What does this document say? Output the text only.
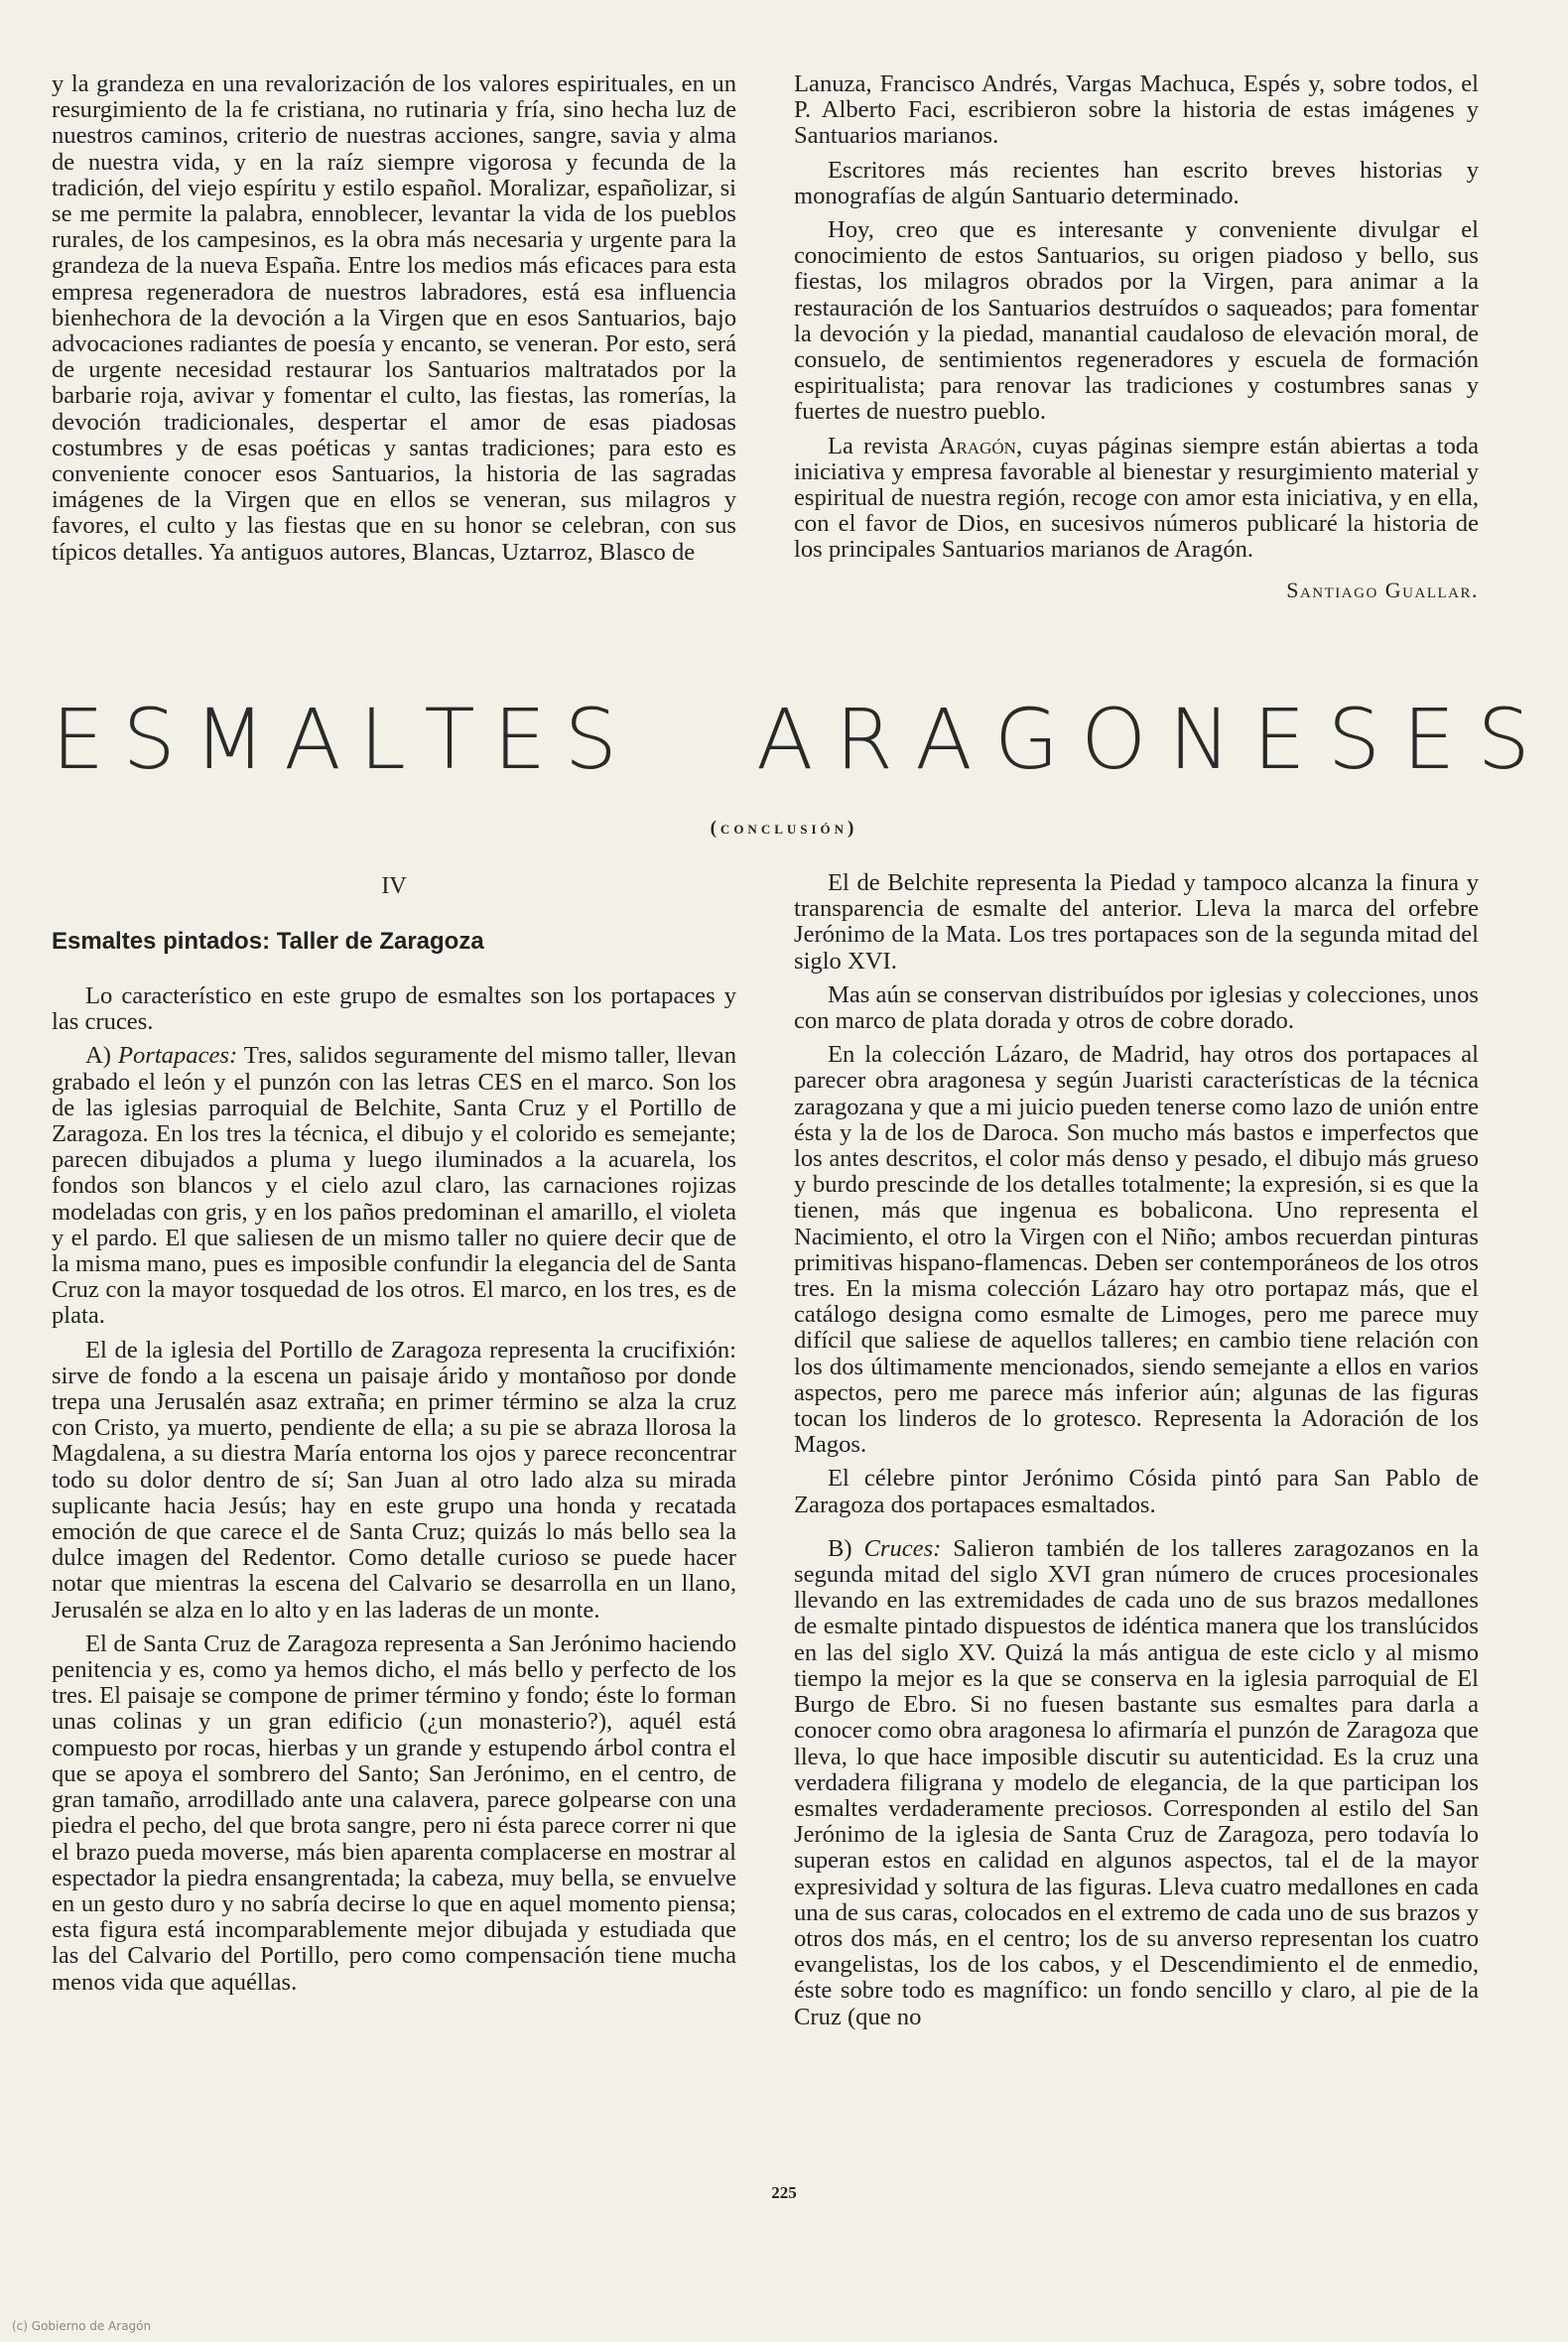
y la grandeza en una revalorización de los valores espirituales, en un resurgimiento de la fe cristiana, no rutinaria y fría, sino hecha luz de nuestros caminos, criterio de nuestras acciones, sangre, savia y alma de nuestra vida, y en la raíz siempre vigorosa y fecunda de la tradición, del viejo espíritu y estilo español. Moralizar, españolizar, si se me permite la palabra, ennoblecer, levantar la vida de los pueblos rurales, de los campesinos, es la obra más necesaria y urgente para la grandeza de la nueva España. Entre los medios más eficaces para esta empresa regeneradora de nuestros labradores, está esa influencia bienhechora de la devoción a la Virgen que en esos Santuarios, bajo advocaciones radiantes de poesía y encanto, se veneran. Por esto, será de urgente necesidad restaurar los Santuarios maltratados por la barbarie roja, avivar y fomentar el culto, las fiestas, las romerías, la devoción tradicionales, despertar el amor de esas piadosas costumbres y de esas poéticas y santas tradiciones; para esto es conveniente conocer esos Santuarios, la historia de las sagradas imágenes de la Virgen que en ellos se veneran, sus milagros y favores, el culto y las fiestas que en su honor se celebran, con sus típicos detalles. Ya antiguos autores, Blancas, Uztarroz, Blasco de

Lanuza, Francisco Andrés, Vargas Machuca, Espés y, sobre todos, el P. Alberto Faci, escribieron sobre la historia de estas imágenes y Santuarios marianos.

Escritores más recientes han escrito breves historias y monografías de algún Santuario determinado.

Hoy, creo que es interesante y conveniente divulgar el conocimiento de estos Santuarios, su origen piadoso y bello, sus fiestas, los milagros obrados por la Virgen, para animar a la restauración de los Santuarios destruídos o saqueados; para fomentar la devoción y la piedad, manantial caudaloso de elevación moral, de consuelo, de sentimientos regeneradores y escuela de formación espiritualista; para renovar las tradiciones y costumbres sanas y fuertes de nuestro pueblo.

La revista Aragón, cuyas páginas siempre están abiertas a toda iniciativa y empresa favorable al bienestar y resurgimiento material y espiritual de nuestra región, recoge con amor esta iniciativa, y en ella, con el favor de Dios, en sucesivos números publicaré la historia de los principales Santuarios marianos de Aragón.

Santiago Guallar.

E S M A L T E S A R A G O N E S E S
(conclusión)

IV

Esmaltes pintados: Taller de Zaragoza

Lo característico en este grupo de esmaltes son los portapaces y las cruces.

A) Portapaces: Tres, salidos seguramente del mismo taller, llevan grabado el león y el punzón con las letras CES en el marco. Son los de las iglesias parroquial de Belchite, Santa Cruz y el Portillo de Zaragoza. En los tres la técnica, el dibujo y el colorido es semejante; parecen dibujados a pluma y luego iluminados a la acuarela, los fondos son blancos y el cielo azul claro, las carnaciones rojizas modeladas con gris, y en los paños predominan el amarillo, el violeta y el pardo. El que saliesen de un mismo taller no quiere decir que de la misma mano, pues es imposible confundir la elegancia del de Santa Cruz con la mayor tosquedad de los otros. El marco, en los tres, es de plata.

El de la iglesia del Portillo de Zaragoza representa la crucifixión: sirve de fondo a la escena un paisaje árido y montañoso por donde trepa una Jerusalén asaz extraña; en primer término se alza la cruz con Cristo, ya muerto, pendiente de ella; a su pie se abraza llorosa la Magdalena, a su diestra María entorna los ojos y parece reconcentrar todo su dolor dentro de sí; San Juan al otro lado alza su mirada suplicante hacia Jesús; hay en este grupo una honda y recatada emoción de que carece el de Santa Cruz; quizás lo más bello sea la dulce imagen del Redentor. Como detalle curioso se puede hacer notar que mientras la escena del Calvario se desarrolla en un llano, Jerusalén se alza en lo alto y en las laderas de un monte.

El de Santa Cruz de Zaragoza representa a San Jerónimo haciendo penitencia y es, como ya hemos dicho, el más bello y perfecto de los tres. El paisaje se compone de primer término y fondo; éste lo forman unas colinas y un gran edificio (¿un monasterio?), aquél está compuesto por rocas, hierbas y un grande y estupendo árbol contra el que se apoya el sombrero del Santo; San Jerónimo, en el centro, de gran tamaño, arrodillado ante una calavera, parece golpearse con una piedra el pecho, del que brota sangre, pero ni ésta parece correr ni que el brazo pueda moverse, más bien aparenta complacerse en mostrar al espectador la piedra ensangrentada; la cabeza, muy bella, se envuelve en un gesto duro y no sabría decirse lo que en aquel momento piensa; esta figura está incomparablemente mejor dibujada y estudiada que las del Calvario del Portillo, pero como compensación tiene mucha menos vida que aquéllas.

El de Belchite representa la Piedad y tampoco alcanza la finura y transparencia de esmalte del anterior. Lleva la marca del orfebre Jerónimo de la Mata. Los tres portapaces son de la segunda mitad del siglo XVI.

Mas aún se conservan distribuídos por iglesias y colecciones, unos con marco de plata dorada y otros de cobre dorado.

En la colección Lázaro, de Madrid, hay otros dos portapaces al parecer obra aragonesa y según Juaristi características de la técnica zaragozana y que a mi juicio pueden tenerse como lazo de unión entre ésta y la de los de Daroca. Son mucho más bastos e imperfectos que los antes descritos, el color más denso y pesado, el dibujo más grueso y burdo prescinde de los detalles totalmente; la expresión, si es que la tienen, más que ingenua es bobalicona. Uno representa el Nacimiento, el otro la Virgen con el Niño; ambos recuerdan pinturas primitivas hispano-flamencas. Deben ser contemporáneos de los otros tres. En la misma colección Lázaro hay otro portapaz más, que el catálogo designa como esmalte de Limoges, pero me parece muy difícil que saliese de aquellos talleres; en cambio tiene relación con los dos últimamente mencionados, siendo semejante a ellos en varios aspectos, pero me parece más inferior aún; algunas de las figuras tocan los linderos de lo grotesco. Representa la Adoración de los Magos.

El célebre pintor Jerónimo Cósida pintó para San Pablo de Zaragoza dos portapaces esmaltados.

B) Cruces: Salieron también de los talleres zaragozanos en la segunda mitad del siglo XVI gran número de cruces procesionales llevando en las extremidades de cada uno de sus brazos medallones de esmalte pintado dispuestos de idéntica manera que los translúcidos en las del siglo XV. Quizá la más antigua de este ciclo y al mismo tiempo la mejor es la que se conserva en la iglesia parroquial de El Burgo de Ebro. Si no fuesen bastante sus esmaltes para darla a conocer como obra aragonesa lo afirmaría el punzón de Zaragoza que lleva, lo que hace imposible discutir su autenticidad. Es la cruz una verdadera filigrana y modelo de elegancia, de la que participan los esmaltes verdaderamente preciosos. Corresponden al estilo del San Jerónimo de la iglesia de Santa Cruz de Zaragoza, pero todavía lo superan estos en calidad en algunos aspectos, tal el de la mayor expresividad y soltura de las figuras. Lleva cuatro medallones en cada una de sus caras, colocados en el extremo de cada uno de sus brazos y otros dos más, en el centro; los de su anverso representan los cuatro evangelistas, los de los cabos, y el Descendimiento el de enmedio, éste sobre todo es magnífico: un fondo sencillo y claro, al pie de la Cruz (que no

225
(c) Gobierno de Aragón
